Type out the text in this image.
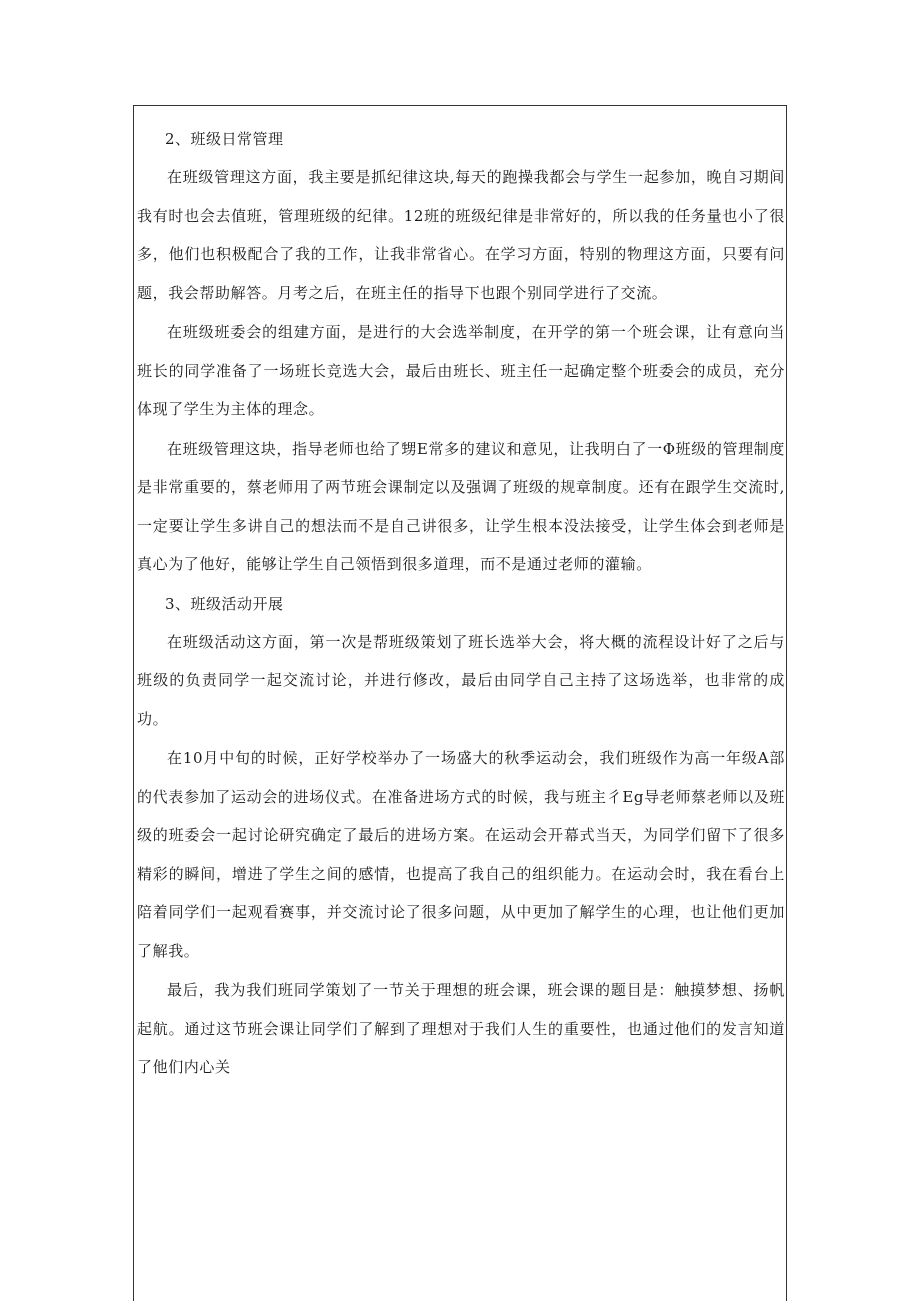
2、班级日常管理

在班级管理这方面，我主要是抓纪律这块,每天的跑操我都会与学生一起参加，晚自习期间我有时也会去值班，管理班级的纪律。12班的班级纪律是非常好的，所以我的任务量也小了很多，他们也积极配合了我的工作，让我非常省心。在学习方面，特别的物理这方面，只要有问题，我会帮助解答。月考之后，在班主任的指导下也跟个别同学进行了交流。

在班级班委会的组建方面，是进行的大会选举制度，在开学的第一个班会课，让有意向当班长的同学准备了一场班长竞选大会，最后由班长、班主任一起确定整个班委会的成员，充分体现了学生为主体的理念。

在班级管理这块，指导老师也给了甥E常多的建议和意见，让我明白了一Φ班级的管理制度是非常重要的，蔡老师用了两节班会课制定以及强调了班级的规章制度。还有在跟学生交流时,一定要让学生多讲自己的想法而不是自己讲很多，让学生根本没法接受，让学生体会到老师是真心为了他好，能够让学生自己领悟到很多道理，而不是通过老师的灌输。

3、班级活动开展

在班级活动这方面，第一次是帮班级策划了班长选举大会，将大概的流程设计好了之后与班级的负责同学一起交流讨论，并进行修改，最后由同学自己主持了这场选举，也非常的成功。

在10月中旬的时候，正好学校举办了一场盛大的秋季运动会，我们班级作为高一年级A部的代表参加了运动会的进场仪式。在准备进场方式的时候，我与班主彳Eg导老师蔡老师以及班级的班委会一起讨论研究确定了最后的进场方案。在运动会开幕式当天，为同学们留下了很多精彩的瞬间，增进了学生之间的感情，也提高了我自己的组织能力。在运动会时，我在看台上陪着同学们一起观看赛事，并交流讨论了很多问题，从中更加了解学生的心理，也让他们更加了解我。

最后，我为我们班同学策划了一节关于理想的班会课，班会课的题目是：触摸梦想、扬帆起航。通过这节班会课让同学们了解到了理想对于我们人生的重要性，也通过他们的发言知道了他们内心关
